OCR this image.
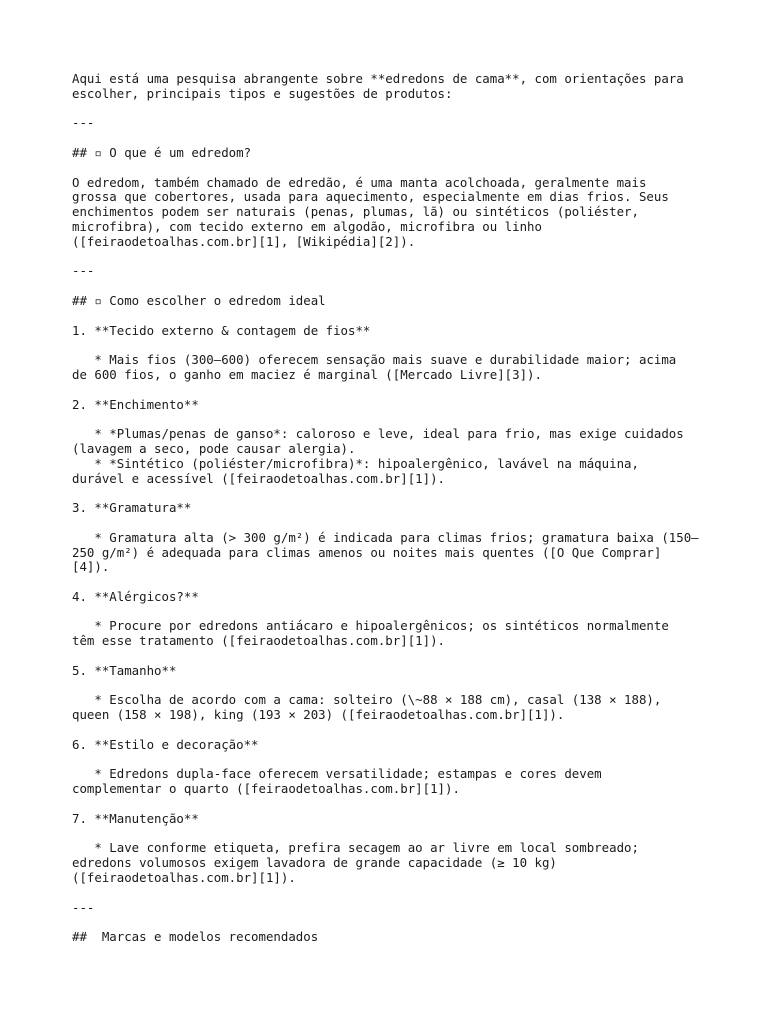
Aqui está uma pesquisa abrangente sobre **edredons de cama**, com orientações para
escolher, principais tipos e sugestões de produtos:
---
## ▫ O que é um edredom?
O edredom, também chamado de edredão, é uma manta acolchoada, geralmente mais
grossa que cobertores, usada para aquecimento, especialmente em dias frios. Seus
enchimentos podem ser naturais (penas, plumas, lã) ou sintéticos (poliéster,
microfibra), com tecido externo em algodão, microfibra ou linho
([feiraodetoalhas.com.br][1], [Wikipédia][2]).
---
## ▫ Como escolher o edredom ideal
1. **Tecido externo & contagem de fios**
* Mais fios (300–600) oferecem sensação mais suave e durabilidade maior; acima
de 600 fios, o ganho em maciez é marginal ([Mercado Livre][3]).
2. **Enchimento**
* *Plumas/penas de ganso*: caloroso e leve, ideal para frio, mas exige cuidados
(lavagem a seco, pode causar alergia).
* *Sintético (poliéster/microfibra)*: hipoalergênico, lavável na máquina,
durável e acessível ([feiraodetoalhas.com.br][1]).
3. **Gramatura**
* Gramatura alta (> 300 g/m²) é indicada para climas frios; gramatura baixa (150–
250 g/m²) é adequada para climas amenos ou noites mais quentes ([O Que Comprar]
[4]).
4. **Alérgicos?**
* Procure por edredons antiácaro e hipoalergênicos; os sintéticos normalmente
têm esse tratamento ([feiraodetoalhas.com.br][1]).
5. **Tamanho**
* Escolha de acordo com a cama: solteiro (\~88 × 188 cm), casal (138 × 188),
queen (158 × 198), king (193 × 203) ([feiraodetoalhas.com.br][1]).
6. **Estilo e decoração**
* Edredons dupla-face oferecem versatilidade; estampas e cores devem
complementar o quarto ([feiraodetoalhas.com.br][1]).
7. **Manutenção**
* Lave conforme etiqueta, prefira secagem ao ar livre em local sombreado;
edredons volumosos exigem lavadora de grande capacidade (≥ 10 kg)
([feiraodetoalhas.com.br][1]).
---
##  Marcas e modelos recomendados
